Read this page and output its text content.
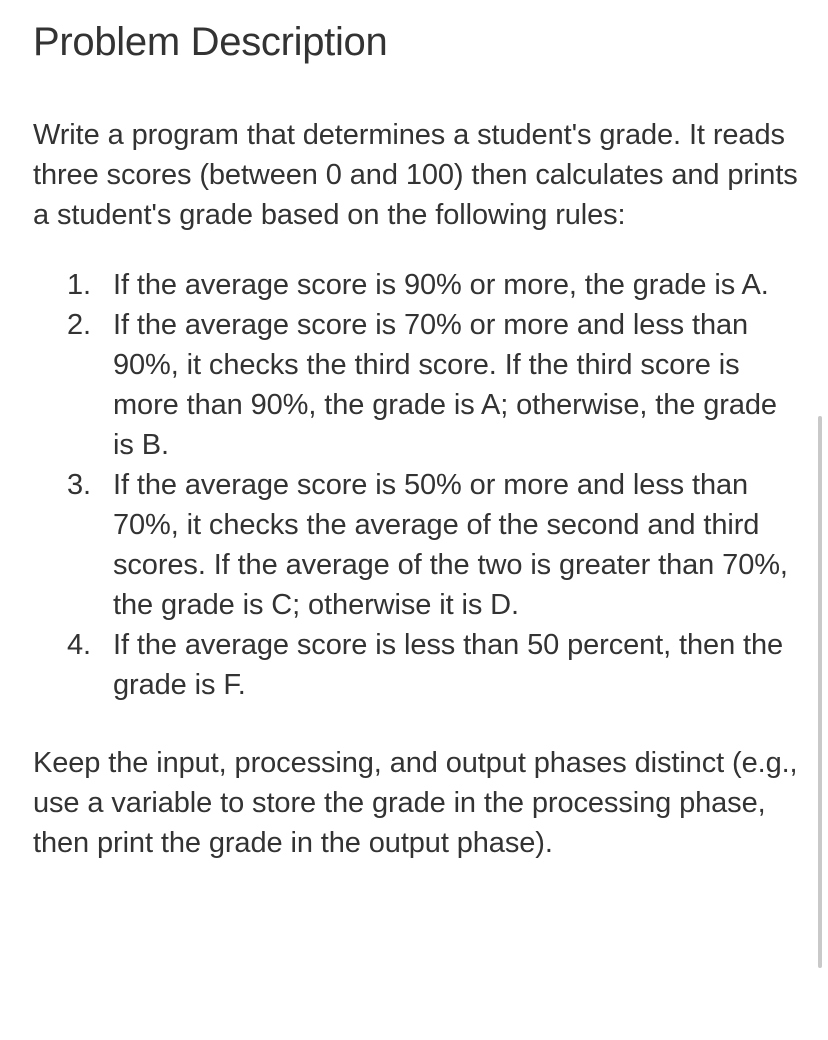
Problem Description

Write a program that determines a student's grade. It reads three scores (between 0 and 100) then calculates and prints a student's grade based on the following rules:

1. If the average score is 90% or more, the grade is A.
2. If the average score is 70% or more and less than 90%, it checks the third score. If the third score is more than 90%, the grade is A; otherwise, the grade is B.
3. If the average score is 50% or more and less than 70%, it checks the average of the second and third scores. If the average of the two is greater than 70%, the grade is C; otherwise it is D.
4. If the average score is less than 50 percent, then the grade is F.

Keep the input, processing, and output phases distinct (e.g., use a variable to store the grade in the processing phase, then print the grade in the output phase).
